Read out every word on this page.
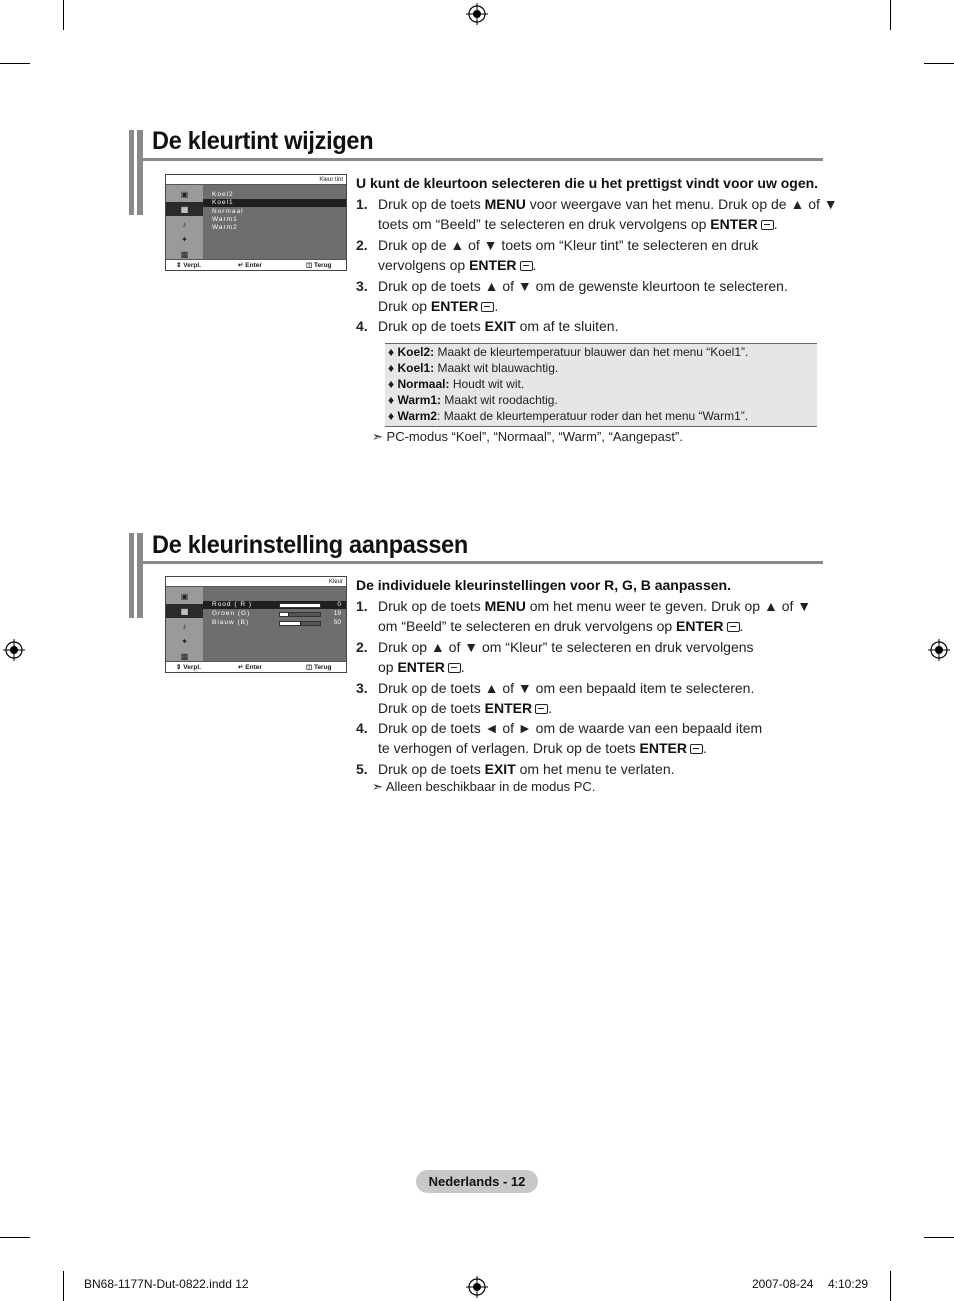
De kleurtint wijzigen
Kleur tint
▣
▦
♪
✦
▩
Koel2
Koel1
Normaal
Warm1
Warm2
⇕ Verpl.	↵ Enter	◫ Terug
U kunt de kleurtoon selecteren die u het prettigst vindt voor uw ogen.
1. Druk op de toets MENU voor weergave van het menu. Druk op de ▲ of ▼
toets om “Beeld” te selecteren en druk vervolgens op ENTER .
2. Druk op de ▲ of ▼ toets om “Kleur tint” te selecteren en druk
vervolgens op ENTER .
3. Druk op de toets ▲ of ▼ om de gewenste kleurtoon te selecteren.
Druk op ENTER .
4. Druk op de toets EXIT om af te sluiten.
♦ Koel2: Maakt de kleurtemperatuur blauwer dan het menu “Koel1”.
♦ Koel1: Maakt wit blauwachtig.
♦ Normaal: Houdt wit wit.
♦ Warm1: Maakt wit roodachtig.
♦ Warm2: Maakt de kleurtemperatuur roder dan het menu “Warm1”.
➣ PC-modus “Koel”, “Normaal”, “Warm”, “Aangepast”.
De kleurinstelling aanpassen
Kleur
▣
▦
♪
✦
▩
Rood ( R )
Groen (G)
Blauw (B)
0
19
50
⇕ Verpl.	↵ Enter	◫ Terug
De individuele kleurinstellingen voor R, G, B aanpassen.
1. Druk op de toets MENU om het menu weer te geven. Druk op ▲ of ▼
om “Beeld” te selecteren en druk vervolgens op ENTER .
2. Druk op ▲ of ▼ om “Kleur” te selecteren en druk vervolgens
op ENTER .
3. Druk op de toets ▲ of ▼ om een bepaald item te selecteren.
Druk op de toets ENTER .
4. Druk op de toets ◄ of ► om de waarde van een bepaald item
te verhogen of verlagen. Druk op de toets ENTER .
5. Druk op de toets EXIT om het menu te verlaten.
➣ Alleen beschikbaar in de modus PC.
Nederlands - 12
BN68-1177N-Dut-0822.indd 12	2007-08-24 4:10:29
